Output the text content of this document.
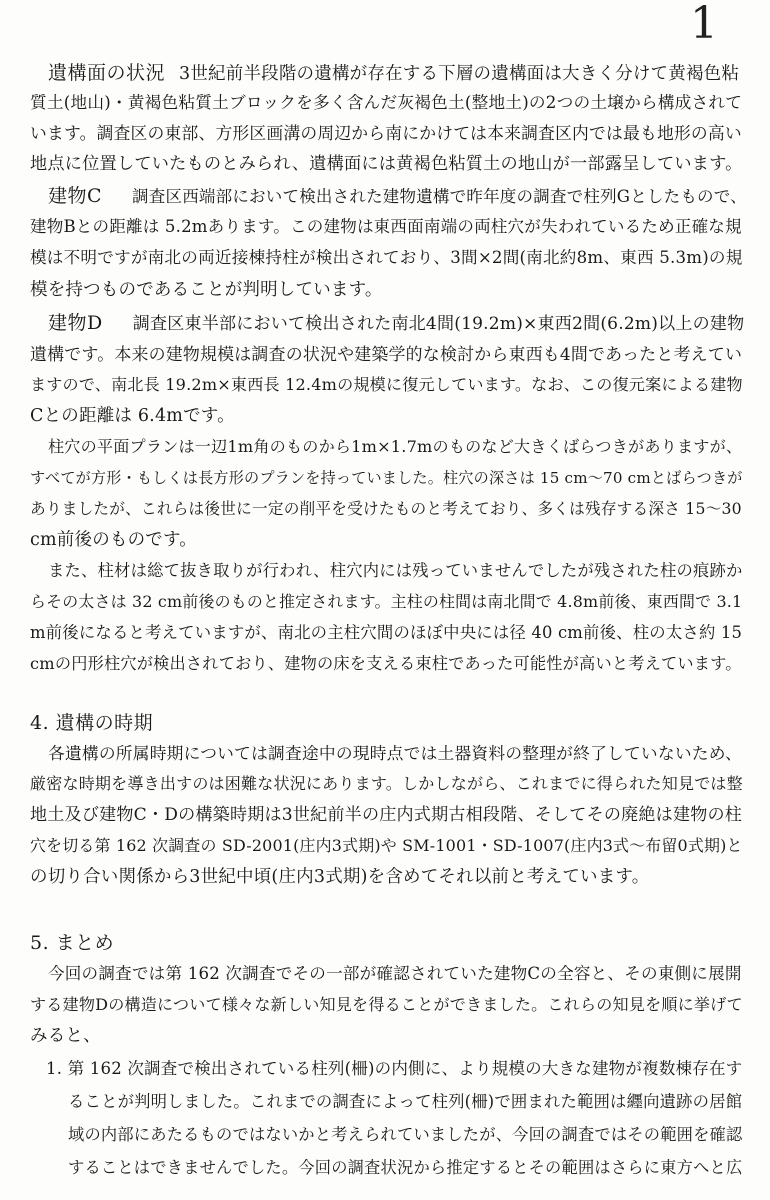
1
遺構面の状況 3世紀前半段階の遺構が存在する下層の遺構面は大きく分けて黄褐色粘
質土(地山)・黄褐色粘質土ブロックを多く含んだ灰褐色土(整地土)の2つの土壌から構成されて
います。調査区の東部、方形区画溝の周辺から南にかけては本来調査区内では最も地形の高い
地点に位置していたものとみられ、遺構面には黄褐色粘質土の地山が一部露呈しています。
建物C 調査区西端部において検出された建物遺構で昨年度の調査で柱列Gとしたもので、
建物Bとの距離は 5.2mあります。この建物は東西面南端の両柱穴が失われているため正確な規
模は不明ですが南北の両近接棟持柱が検出されており、3間×2間(南北約8m、東西 5.3m)の規
模を持つものであることが判明しています。
建物D 調査区東半部において検出された南北4間(19.2m)×東西2間(6.2m)以上の建物
遺構です。本来の建物規模は調査の状況や建築学的な検討から東西も4間であったと考えてい
ますので、南北長 19.2m×東西長 12.4mの規模に復元しています。なお、この復元案による建物
Cとの距離は 6.4mです。
柱穴の平面プランは一辺1m角のものから1m×1.7mのものなど大きくばらつきがありますが、
すべてが方形・もしくは長方形のプランを持っていました。柱穴の深さは 15 cm～70 cmとばらつきが
ありましたが、これらは後世に一定の削平を受けたものと考えており、多くは残存する深さ 15～30
cm前後のものです。
また、柱材は総て抜き取りが行われ、柱穴内には残っていませんでしたが残された柱の痕跡か
らその太さは 32 cm前後のものと推定されます。主柱の柱間は南北間で 4.8m前後、東西間で 3.1
m前後になると考えていますが、南北の主柱穴間のほぼ中央には径 40 cm前後、柱の太さ約 15
cmの円形柱穴が検出されており、建物の床を支える束柱であった可能性が高いと考えています。
4. 遺構の時期
各遺構の所属時期については調査途中の現時点では土器資料の整理が終了していないため、
厳密な時期を導き出すのは困難な状況にあります。しかしながら、これまでに得られた知見では整
地土及び建物C・Dの構築時期は3世紀前半の庄内式期古相段階、そしてその廃絶は建物の柱
穴を切る第 162 次調査の SD-2001(庄内3式期)や SM-1001・SD-1007(庄内3式～布留0式期)と
の切り合い関係から3世紀中頃(庄内3式期)を含めてそれ以前と考えています。
5. まとめ
今回の調査では第 162 次調査でその一部が確認されていた建物Cの全容と、その東側に展開
する建物Dの構造について様々な新しい知見を得ることができました。これらの知見を順に挙げて
みると、
1. 第 162 次調査で検出されている柱列(柵)の内側に、より規模の大きな建物が複数棟存在す
ることが判明しました。これまでの調査によって柱列(柵)で囲まれた範囲は纒向遺跡の居館
域の内部にあたるものではないかと考えられていましたが、今回の調査ではその範囲を確認
することはできませんでした。今回の調査状況から推定するとその範囲はさらに東方へと広
